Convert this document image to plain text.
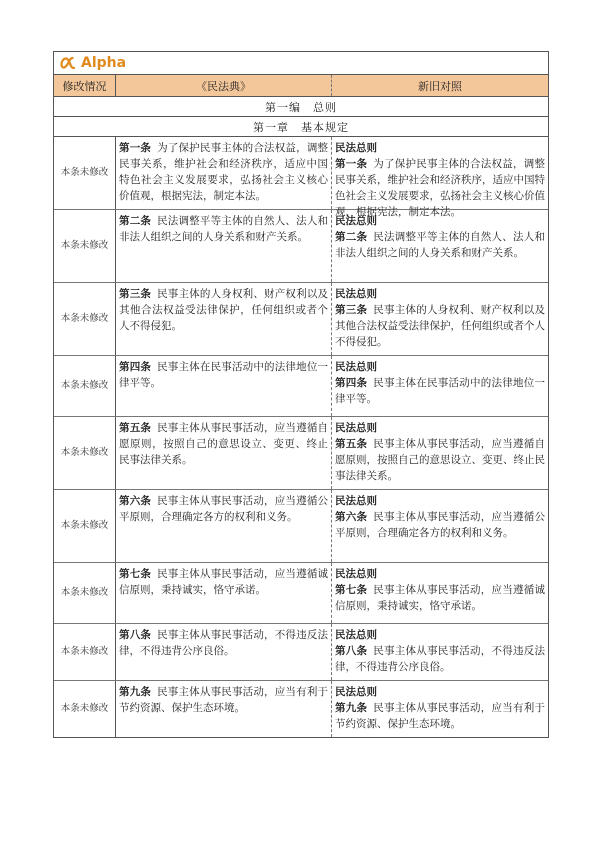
Alpha
修改情况	《民法典》	新旧对照
第一编　总则
第一章　基本规定
本条未修改
第一条 为了保护民事主体的合法权益，调整民事关系，维护社会和经济秩序，适应中国特色社会主义发展要求，弘扬社会主义核心价值观，根据宪法，制定本法。
民法总则
第一条 为了保护民事主体的合法权益，调整民事关系，维护社会和经济秩序，适应中国特色社会主义发展要求，弘扬社会主义核心价值观，根据宪法，制定本法。
本条未修改
第二条 民法调整平等主体的自然人、法人和非法人组织之间的人身关系和财产关系。
民法总则
第二条 民法调整平等主体的自然人、法人和非法人组织之间的人身关系和财产关系。
本条未修改
第三条 民事主体的人身权利、财产权利以及其他合法权益受法律保护，任何组织或者个人不得侵犯。
民法总则
第三条 民事主体的人身权利、财产权利以及其他合法权益受法律保护，任何组织或者个人不得侵犯。
本条未修改
第四条 民事主体在民事活动中的法律地位一律平等。
民法总则
第四条 民事主体在民事活动中的法律地位一律平等。
本条未修改
第五条 民事主体从事民事活动，应当遵循自愿原则，按照自己的意思设立、变更、终止民事法律关系。
民法总则
第五条 民事主体从事民事活动，应当遵循自愿原则，按照自己的意思设立、变更、终止民事法律关系。
本条未修改
第六条 民事主体从事民事活动，应当遵循公平原则，合理确定各方的权利和义务。
民法总则
第六条 民事主体从事民事活动，应当遵循公平原则，合理确定各方的权利和义务。
本条未修改
第七条 民事主体从事民事活动，应当遵循诚信原则，秉持诚实，恪守承诺。
民法总则
第七条 民事主体从事民事活动，应当遵循诚信原则，秉持诚实，恪守承诺。
本条未修改
第八条 民事主体从事民事活动，不得违反法律，不得违背公序良俗。
民法总则
第八条 民事主体从事民事活动，不得违反法律，不得违背公序良俗。
本条未修改
第九条 民事主体从事民事活动，应当有利于节约资源、保护生态环境。
民法总则
第九条 民事主体从事民事活动，应当有利于节约资源、保护生态环境。
